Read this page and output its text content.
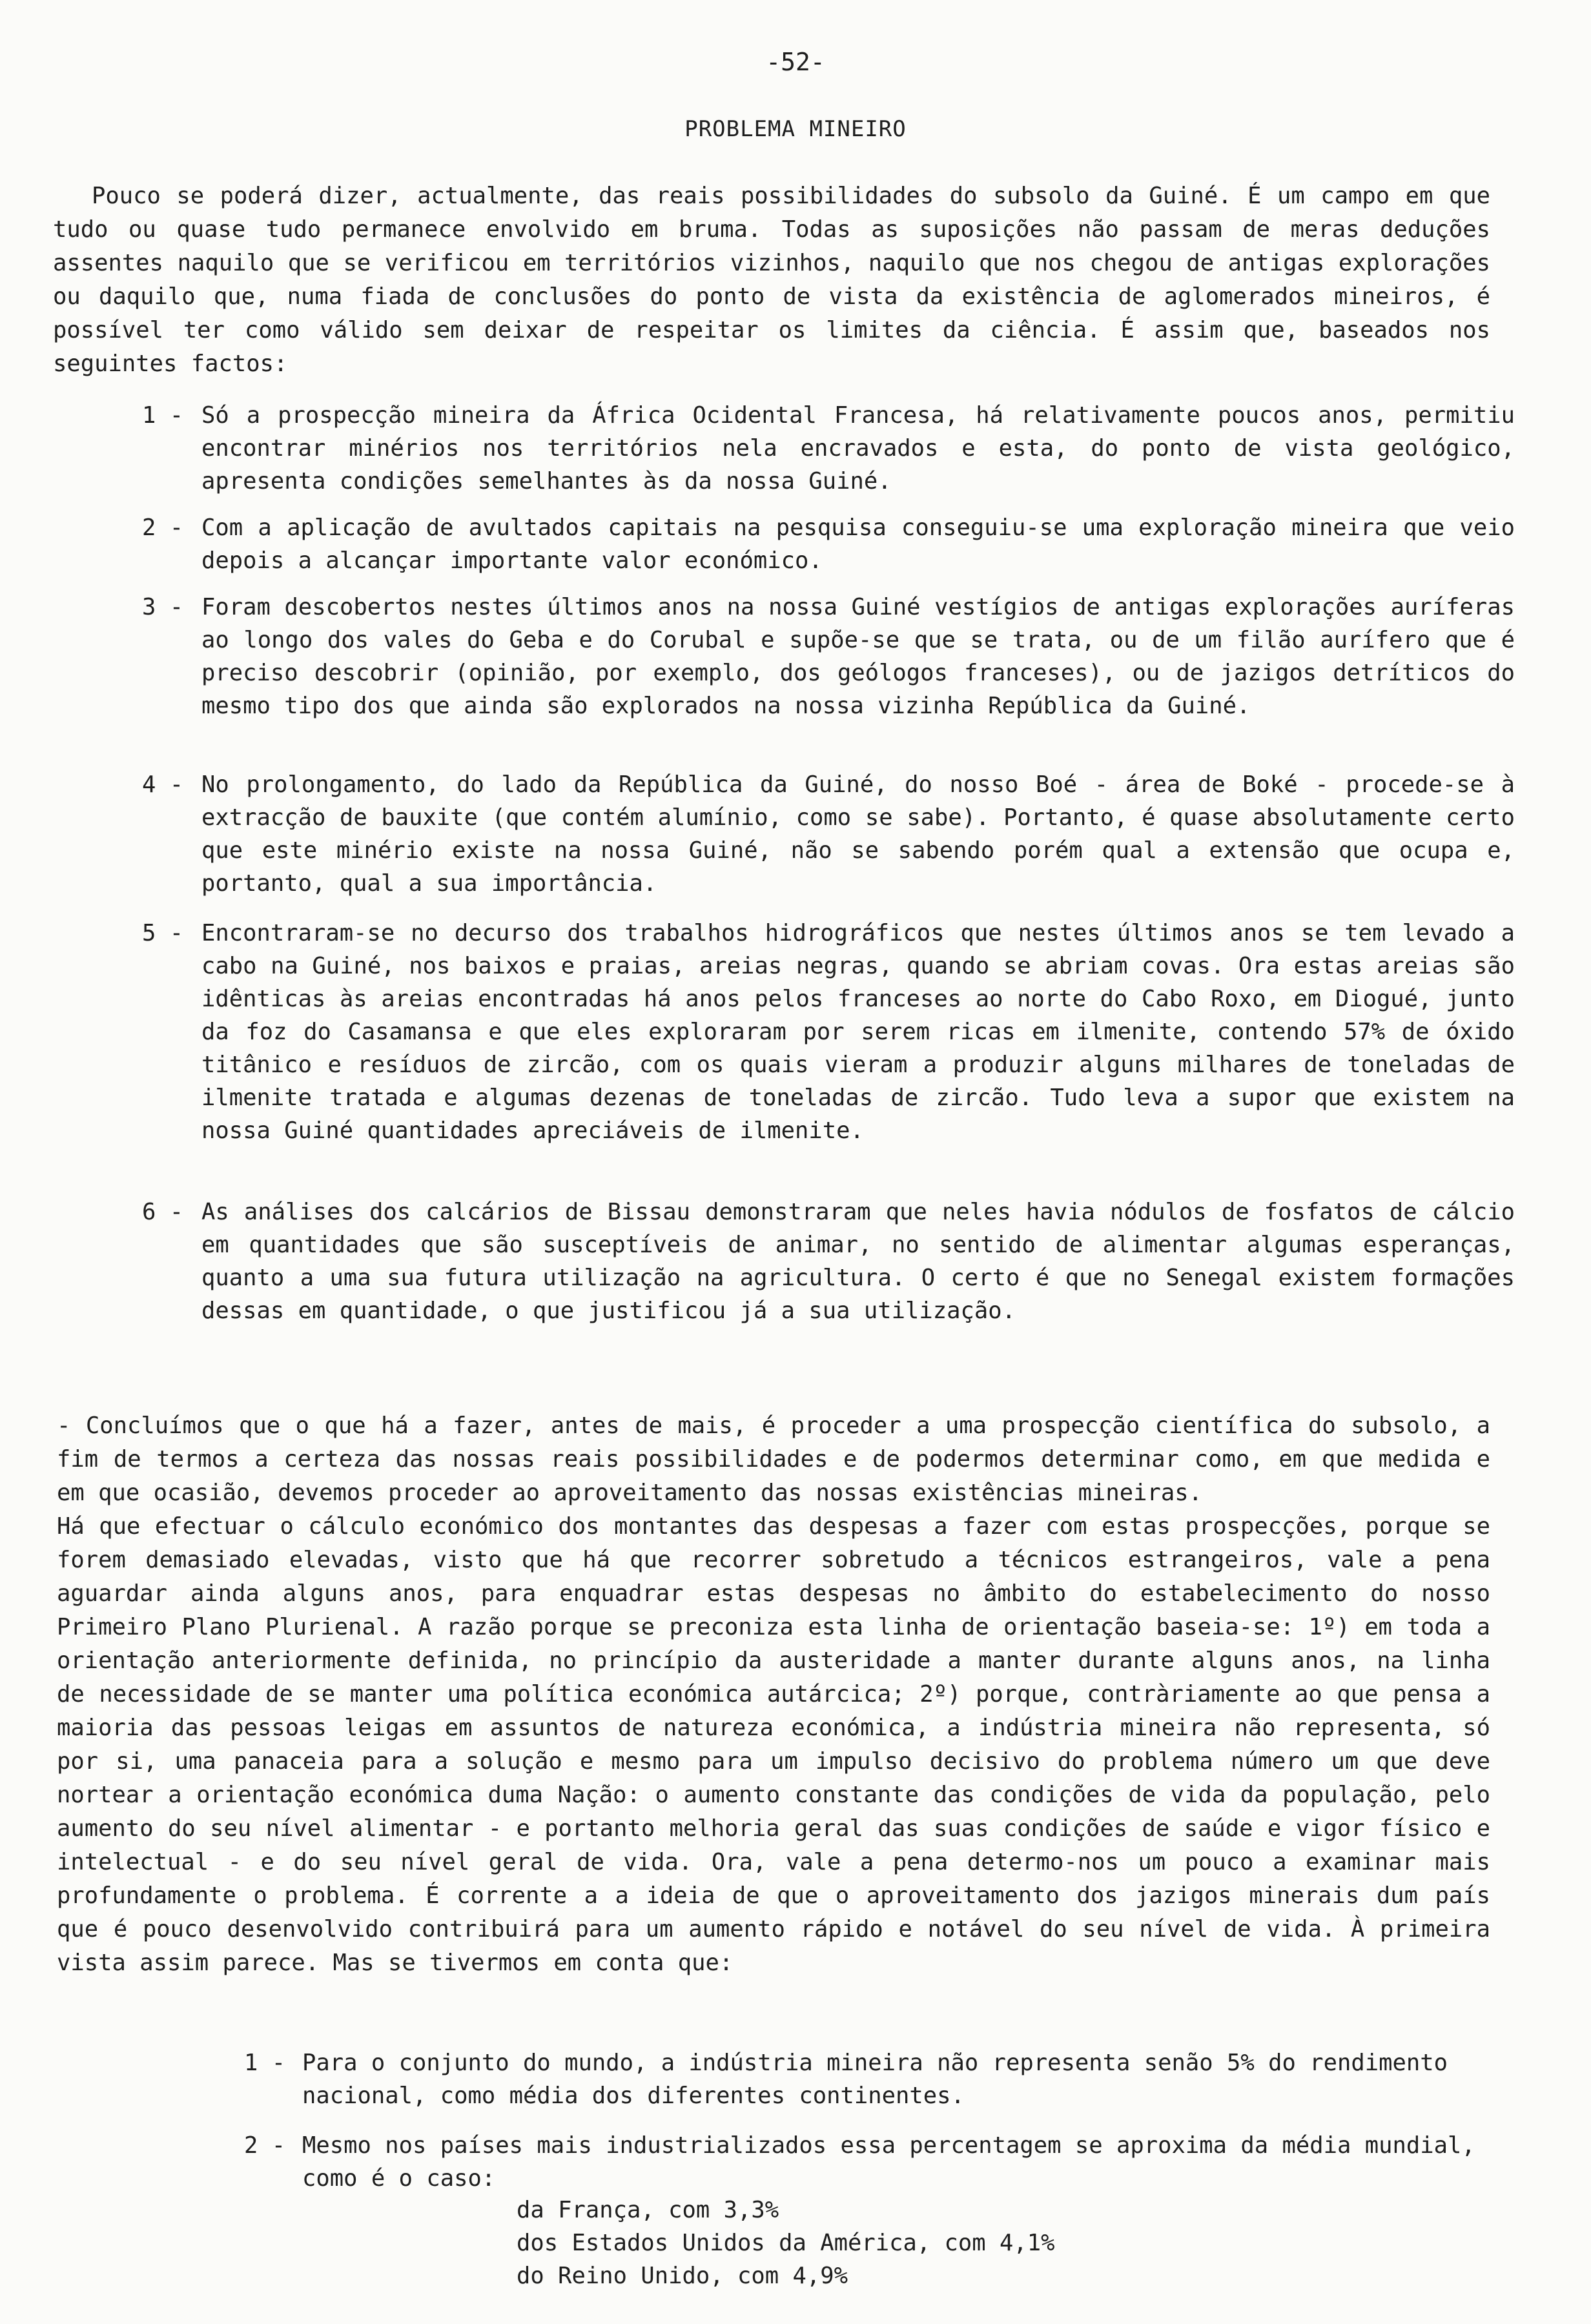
-52-
PROBLEMA MINEIRO
Pouco se poderá dizer, actualmente, das reais possibilidades do subsolo da Guiné. É um campo em que tudo ou quase tudo permanece envolvido em bruma. Todas as suposições não passam de meras deduções assentes naquilo que se verificou em territórios vizinhos, naquilo que nos chegou de antigas explorações ou daquilo que, numa fiada de conclusões do ponto de vista da existência de aglomerados mineiros, é possível ter como válido sem deixar de respeitar os limites da ciência. É assim que, baseados nos seguintes factos:
1 - Só a prospecção mineira da África Ocidental Francesa, há relativamente poucos anos, permitiu encontrar minérios nos territórios nela encravados e esta, do ponto de vista geológico, apresenta condições semelhantes às da nossa Guiné.
2 - Com a aplicação de avultados capitais na pesquisa conseguiu-se uma exploração mineira que veio depois a alcançar importante valor económico.
3 - Foram descobertos nestes últimos anos na nossa Guiné vestígios de antigas explorações auríferas ao longo dos vales do Geba e do Corubal e supõe-se que se trata, ou de um filão aurífero que é preciso descobrir (opinião, por exemplo, dos geólogos franceses), ou de jazigos detríticos do mesmo tipo dos que ainda são explorados na nossa vizinha República da Guiné.
4 - No prolongamento, do lado da República da Guiné, do nosso Boé - área de Boké - procede-se à extracção de bauxite (que contém alumínio, como se sabe). Portanto, é quase absolutamente certo que este minério existe na nossa Guiné, não se sabendo porém qual a extensão que ocupa e, portanto, qual a sua importância.
5 - Encontraram-se no decurso dos trabalhos hidrográficos que nestes últimos anos se tem levado a cabo na Guiné, nos baixos e praias, areias negras, quando se abriam covas. Ora estas areias são idênticas às areias encontradas há anos pelos franceses ao norte do Cabo Roxo, em Diogué, junto da foz do Casamansa e que eles exploraram por serem ricas em ilmenite, contendo 57% de óxido titânico e resíduos de zircão, com os quais vieram a produzir alguns milhares de toneladas de ilmenite tratada e algumas dezenas de toneladas de zircão. Tudo leva a supor que existem na nossa Guiné quantidades apreciáveis de ilmenite.
6 - As análises dos calcários de Bissau demonstraram que neles havia nódulos de fosfatos de cálcio em quantidades que são susceptíveis de animar, no sentido de alimentar algumas esperanças, quanto a uma sua futura utilização na agricultura. O certo é que no Senegal existem formações dessas em quantidade, o que justificou já a sua utilização.
- Concluímos que o que há a fazer, antes de mais, é proceder a uma prospecção científica do subsolo, a fim de termos a certeza das nossas reais possibilidades e de podermos determinar como, em que medida e em que ocasião, devemos proceder ao aproveitamento das nossas existências mineiras.
Há que efectuar o cálculo económico dos montantes das despesas a fazer com estas prospecções, porque se forem demasiado elevadas, visto que há que recorrer sobretudo a técnicos estrangeiros, vale a pena aguardar ainda alguns anos, para enquadrar estas despesas no âmbito do estabelecimento do nosso Primeiro Plano Plurienal. A razão porque se preconiza esta linha de orientação baseia-se: 1º) em toda a orientação anteriormente definida, no princípio da austeridade a manter durante alguns anos, na linha de necessidade de se manter uma política económica autárcica; 2º) porque, contràriamente ao que pensa a maioria das pessoas leigas em assuntos de natureza económica, a indústria mineira não representa, só por si, uma panaceia para a solução e mesmo para um impulso decisivo do problema número um que deve nortear a orientação económica duma Nação: o aumento constante das condições de vida da população, pelo aumento do seu nível alimentar - e portanto melhoria geral das suas condições de saúde e vigor físico e intelectual - e do seu nível geral de vida. Ora, vale a pena determo-nos um pouco a examinar mais profundamente o problema. É corrente a a ideia de que o aproveitamento dos jazigos minerais dum país que é pouco desenvolvido contribuirá para um aumento rápido e notável do seu nível de vida. À primeira vista assim parece. Mas se tivermos em conta que:
1 - Para o conjunto do mundo, a indústria mineira não representa senão 5% do rendimento nacional, como média dos diferentes continentes.
2 - Mesmo nos países mais industrializados essa percentagem se aproxima da média mundial, como é o caso:
da França, com 3,3%
dos Estados Unidos da América, com 4,1%
do Reino Unido, com 4,9%
